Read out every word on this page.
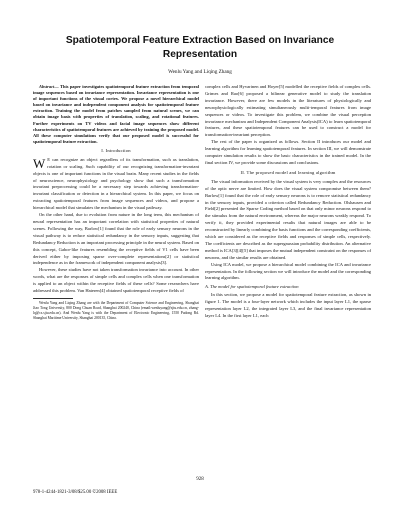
Spatiotemporal Feature Extraction Based on Invariance Representation
Wenlu Yang and Liqing Zhang

Abstract— This paper investigates spatiotemporal feature extraction from temporal image sequences based on invariance representation. Invariance representation is one of important functions of the visual cortex. We propose a novel hierarchical model based on invariance and independent component analysis for spatiotemporal feature extraction. Training the model from patches sampled from natural scenes, we can obtain image basis with properties of translation, scaling, and rotational features. Further experiments on TV videos and facial image sequences show different characteristics of spatiotemporal features are achieved by training the proposed model. All these computer simulations verify that our proposed model is successful for spatiotemporal feature extraction.

I. Introduction

W E can recognize an object regardless of its transformation, such as translation, rotation or scaling. Such capability of our recognizing transformation-invariant objects is one of important functions in the visual brain. Many recent studies in the fields of neuroscience, neurophysiology and psychology show that such a transformation invariant preprocessing could be a necessary step towards achieving transformation-invariant classification or detection in a hierarchical system. In this paper, we focus on extracting spatiotemporal features from image sequences and videos, and propose a hierarchical model that simulates the mechanism in the visual pathway.

On the other hand, due to evolution from nature in the long term, this mechanism of neural representation has an important correlation with statistical properties of natural scenes. Following the way, Barlow[1] found that the role of early sensory neurons in the visual pathway is to reduce statistical redundancy in the sensory inputs, suggesting that Redundancy Reduction is an important processing principle in the neural system. Based on this concept, Gabor-like features resembling the receptive fields of V1 cells have been derived either by imposing sparse over-complete representations[2] or statistical independence as in the framework of independent component analysis[3].

However, these studies have not taken transformation invariance into account. In other words, what are the responses of simple cells and complex cells when one transformation is applied to an object within the receptive fields of these cells? Some researchers have addressed this problem. Van Hateren[4] obtained spatiotemporal receptive fields of

Wenlu Yang and Liqing Zhang are with the Department of Computer Science and Engineering, Shanghai Jiao Tong University, 800 Dong Chuan Road, Shanghai 200240, China (email:wenluyang@sjtu.edu.cn, zhang-lq@cs.sjtu.edu.cn). And Wenlu Yang is with the Department of Electronic Engineering, 1550 Pudong Rd. Shanghai Maritime University, Shanghai 200135, China.

complex cells and Hyvarinen and Hoyer[5] modelled the receptive fields of complex cells. Grimes and Rao[6] proposed a bilinear generative model to study the translation invariance. However, there are few models in the literatures of physiologically and neurophysiologically estimating simultaneously multi-temporal features from image sequences or videos. To investigate this problem, we combine the visual perception invariance mechanism and Independent Component Analysis(ICA) to learn spatiotemporal features, and these spatiotemporal features can be used to construct a model for transformation-invariant perception.

The rest of the paper is organized as follows. Section II introduces our model and learning algorithm for learning spatiotemporal features. In section III, we will demonstrate computer simulation results to show the basic characteristics in the trained model. In the final section IV, we provide some discussions and conclusions.

II. The proposed model and learning algorithm

The visual information received by the visual system is very complex and the resources of the optic nerve are limited. How does the visual system compromise between them? Barlow[1] found that the role of early sensory neurons is to remove statistical redundancy in the sensory inputs, provided a criterion called Redundancy Reduction. Olshausen and Field[2] presented the Sparse Coding method based on that only minor neurons respond to the stimulus from the natural environment, whereas the major neurons weakly respond. To verify it, they provided experimental results that natural images are able to be reconstructed by linearly combining the basis functions and the corresponding coefficients, which are considered as the receptive fields and responses of simple cells, respectively. The coefficients are described as the supergaussian probability distribution. An alternative method is ICA[3][4][5] that imposes the mutual independent constraint on the responses of neurons, and the similar results are obtained.

Using ICA model, we propose a hierarchical model combining the ICA and invariance representation. In the following section we will introduce the model and the corresponding learning algorithm.

A. The model for spatiotemporal feature extraction

In this section, we propose a model for spatiotemporal feature extraction, as shown in figure 1. The model is a four-layer network which includes the input layer L1, the sparse representation layer L2, the integrated layer L3, and the final invariance representation layer L4. In the first layer L1, each

928
978-1-4244-1821-3/08/$25.00 ©2008 IEEE
